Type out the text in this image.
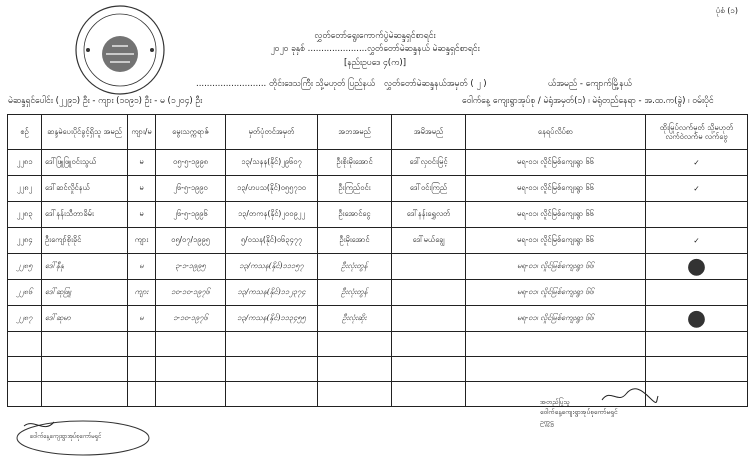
ပုံစံ (၁)
လွှတ်တော်ရွေးကောက်ပွဲမဲဆန္ဒရှင်စာရင်း
၂၀၂၀ ခုနှစ် ......................လွှတ်တော်မဲဆန္ဒနယ် မဲဆန္ဒရှင်စာရင်း
[နည်းဥပဒေ ၄(က)]
.......................... တိုင်းဒေသကြီး သို့မဟုတ် ပြည်နယ် လွှတ်တော်မဲဆန္ဒနယ်အမှတ် ( ၂ )	ယ်အမည် - ကျောက်မြို့နယ်
မဲဆန္ဒရှင်ပေါင်း (၂၂၉၁) ဦး - ကျား (၁၀၉၁) ဦး - မ (၁၂၀၄) ဦး	ဝေါက်နေ့ ကျေးရွာအုပ်စု / မဲရုံအမှတ်(၁) ၊ မဲရုံတည်နေရာ - အ.ထ.က(ခွဲ) ၊ ဝမ်းပိုင်
စဉ်	ဆန္ဒမဲပေးပိုင်ခွင့်ရှိသူ အမည်	ကျား/မ	မွေးသက္ကရာဇ်	မှတ်ပုံတင်အမှတ်	အဘအမည်	အမိအမည်	နေရပ်လိပ်စာ	ထိုးမြုပ်လက်မှတ် သို့မဟုတ် လက်ဝဲလက်မ လက်ဗွေ
၂၂၈၁	ဒေါ်ဖြူဖြူဝင်းသွယ်	မ	၀၅-၅-၁၉၉၈	၁၃/သနန(နိုင်)၂၉၆၀၇	ဦးစိုးမိုးအောင်	ဒေါ်လှဝင်းမြင့်	မရ-၀၁၊ လိူင်မြစ်ကျေးရွာ ၆၆	✓
၂၂၈၂	ဒေါ်ဆင်လှိုင်နယ်	မ	၂၆-၅-၁၉၉၀	၁၃/ဟပသ(နိုင်)၀၅၅၇၁၀	ဦးကြည်ဝင်း	ဒေါ်ဝင်းကြည်	မရ-၀၁၊ လိူင်မြစ်ကျေးရွာ ၆၆	✓
၂၂၈၃	ဒေါ်နန်းသီတာခိမ်း	မ	၂၆-၅-၁၉၉၆	၁၃/တကန(နိုင်)၂၀၀၉၂၂	ဦးအောင်ငွေ	ဒေါ်နန်းရွှေလတ်	မရ-၀၁၊ လိူင်မြစ်ကျေးရွာ ၆၆	
၂၂၈၄	ဦးကျော်စိုးခိုင်	ကျား	၀၅/၀၇/၁၉၉၅	၅/ဝသန(နိုင်)၀၆၃၄၇၇	ဦးမိုးအောင်	ဒေါ်မယ်ချွေ	မရ-၀၁၊ လိူင်မြစ်ကျေးရွာ ၆၆	✓
၂၂၈၅	ဒေါ်နီနု	မ	၃-၁-၁၉၉၅	၁၃/ကသန(နိုင်)၁၁၁၅၇	ဦးလုံးတွန်		မရ-၀၁၊ လိူင်မြစ်ကျေးရွာ ၆၆	●
၂၂၈၆	ဒေါ်ဆုဖြူ	ကျား	၁၀-၁၀-၁၉၇၆	၁၃/ကသန(နိုင်)၁၁၂၃၇၄	ဦးလုံးတွန်		မရ-၀၁၊ လိူင်မြစ်ကျေးရွာ ၆၆	
၂၂၈၇	ဒေါ်ဆုမာ	မ	၁-၁၀-၁၉၇၆	၁၃/ကသန(နိုင်)၁၁၃၄၅၅	ဦးလုံးဆိုး		မရ-၀၁၊ လိူင်မြစ်ကျေးရွာ ၆၆	●

အတည်ပြုသူ
ဝေါက်နေ့ကျေးရွာအုပ်စုကော်မရှင်
ဥက္ကဋ္ဌ
ဝေါက်နေ့ကျေးရွာအုပ်စုကော်မရှင်
